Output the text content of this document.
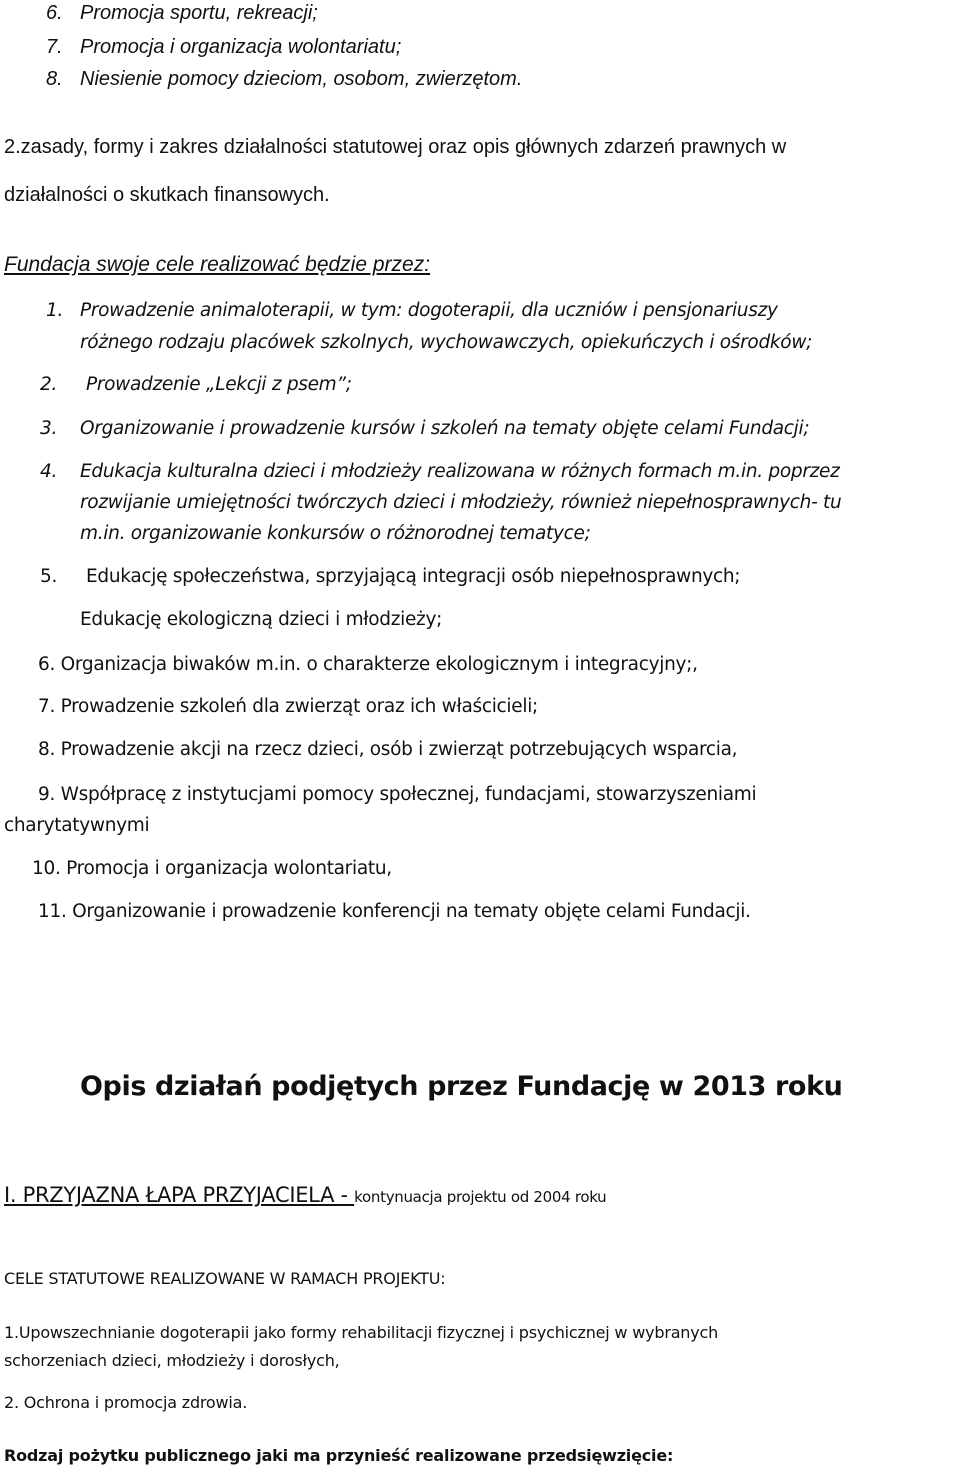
6. Promocja sportu, rekreacji;
7. Promocja i organizacja wolontariatu;
8. Niesienie pomocy dzieciom, osobom, zwierzętom.
2.zasady, formy i zakres działalności statutowej oraz opis głównych zdarzeń prawnych w
działalności o skutkach finansowych.
Fundacja swoje cele realizować będzie przez:
1. Prowadzenie animaloterapii, w tym: dogoterapii, dla uczniów i pensjonariuszy
różnego rodzaju placówek szkolnych, wychowawczych, opiekuńczych i ośrodków;
2. Prowadzenie „Lekcji z psem”;
3. Organizowanie i prowadzenie kursów i szkoleń na tematy objęte celami Fundacji;
4. Edukacja kulturalna dzieci i młodzieży realizowana w różnych formach m.in. poprzez
rozwijanie umiejętności twórczych dzieci i młodzieży, również niepełnosprawnych- tu
m.in. organizowanie konkursów o różnorodnej tematyce;
5. Edukację społeczeństwa, sprzyjającą integracji osób niepełnosprawnych;
Edukację ekologiczną dzieci i młodzieży;
6. Organizacja biwaków m.in. o charakterze ekologicznym i integracyjny;,
7. Prowadzenie szkoleń dla zwierząt oraz ich właścicieli;
8. Prowadzenie akcji na rzecz dzieci, osób i zwierząt potrzebujących wsparcia,
9. Współpracę z instytucjami pomocy społecznej, fundacjami, stowarzyszeniami
charytatywnymi
10. Promocja i organizacja wolontariatu,
11. Organizowanie i prowadzenie konferencji na tematy objęte celami Fundacji.
Opis działań podjętych przez Fundację w 2013 roku
I. PRZYJAZNA ŁAPA PRZYJACIELA - kontynuacja projektu od 2004 roku
CELE STATUTOWE REALIZOWANE W RAMACH PROJEKTU:
1.Upowszechnianie dogoterapii jako formy rehabilitacji fizycznej i psychicznej w wybranych
schorzeniach dzieci, młodzieży i dorosłych,
2. Ochrona i promocja zdrowia.
Rodzaj pożytku publicznego jaki ma przynieść realizowane przedsięwzięcie:
